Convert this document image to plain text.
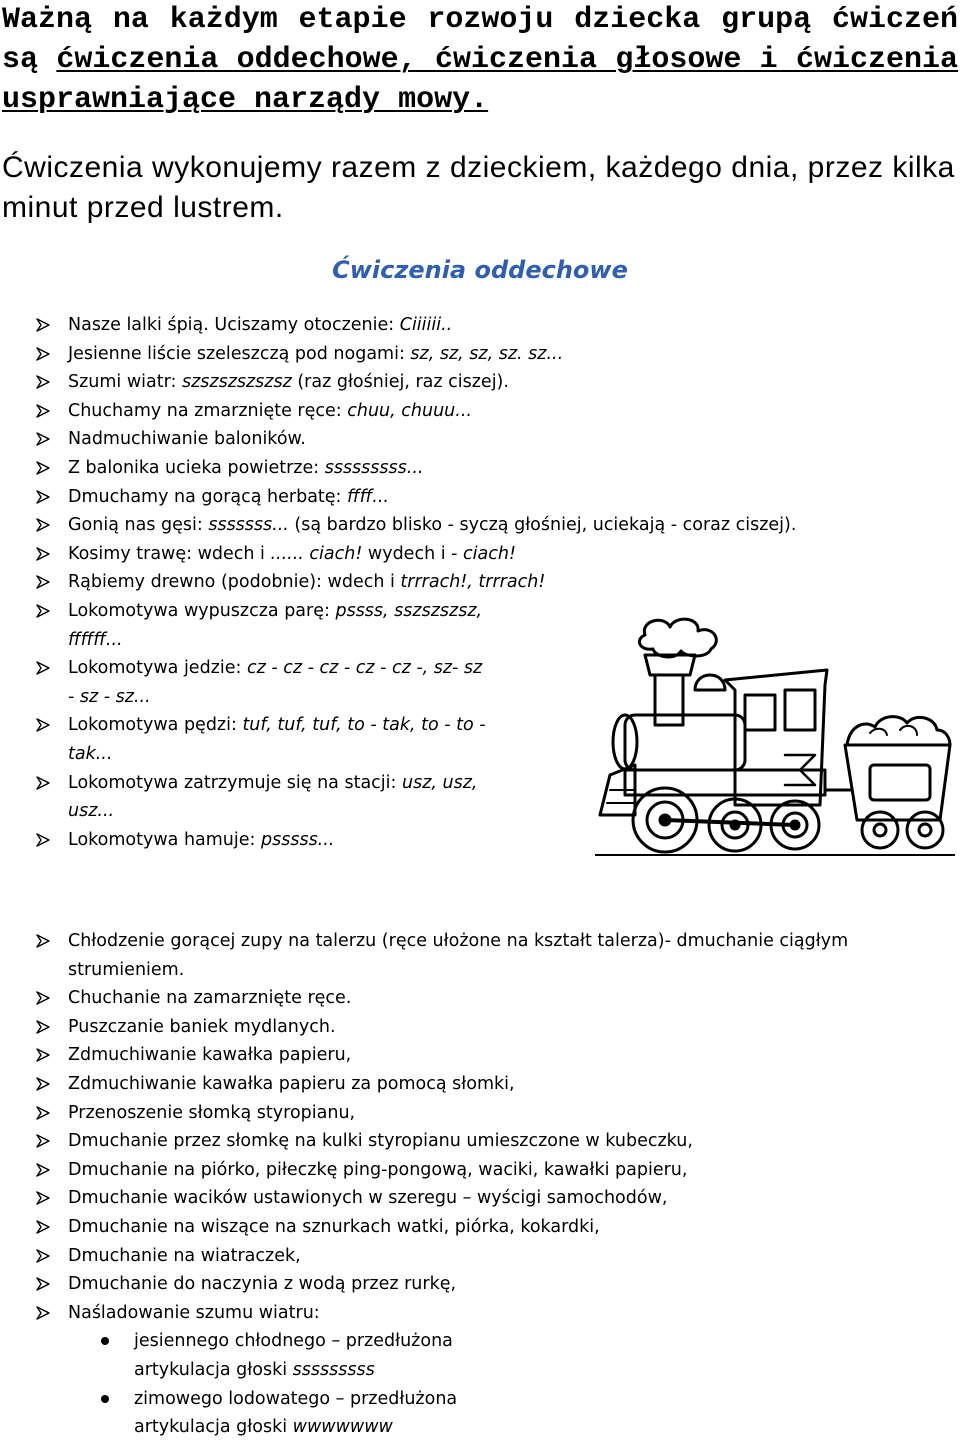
Ważną na każdym etapie rozwoju dziecka grupą ćwiczeń są ćwiczenia oddechowe, ćwiczenia głosowe i ćwiczenia usprawniające narządy mowy.

Ćwiczenia wykonujemy razem z dzieckiem, każdego dnia, przez kilka minut przed lustrem.

Ćwiczenia oddechowe
Nasze lalki śpią. Uciszamy otoczenie: Ciiiiii..
Jesienne liście szeleszczą pod nogami: sz, sz, sz, sz. sz...
Szumi wiatr: szszszszszsz (raz głośniej, raz ciszej).
Chuchamy na zmarznięte ręce: chuu, chuuu...
Nadmuchiwanie baloników.
Z balonika ucieka powietrze: sssssssss...
Dmuchamy na gorącą herbatę: ffff...
Gonią nas gęsi: sssssss... (są bardzo blisko - syczą głośniej, uciekają - coraz ciszej).
Kosimy trawę: wdech i ...... ciach! wydech i - ciach!
Rąbiemy drewno (podobnie): wdech i trrrach!, trrrach!
Lokomotywa wypuszcza parę: pssss, sszszszsz, ffffff...
Lokomotywa jedzie: cz - cz - cz - cz - cz -, sz- sz - sz - sz...
Lokomotywa pędzi: tuf, tuf, tuf, to - tak, to - to - tak...
Lokomotywa zatrzymuje się na stacji: usz, usz, usz...
Lokomotywa hamuje: psssss...
Chłodzenie gorącej zupy na talerzu (ręce ułożone na kształt talerza)- dmuchanie ciągłym strumieniem.
Chuchanie na zamarznięte ręce.
Puszczanie baniek mydlanych.
Zdmuchiwanie kawałka papieru,
Zdmuchiwanie kawałka papieru za pomocą słomki,
Przenoszenie słomką styropianu,
Dmuchanie przez słomkę na kulki styropianu umieszczone w kubeczku,
Dmuchanie na piórko, piłeczkę ping-pongową, waciki, kawałki papieru,
Dmuchanie wacików ustawionych w szeregu – wyścigi samochodów,
Dmuchanie na wiszące na sznurkach watki, piórka, kokardki,
Dmuchanie na wiatraczek,
Dmuchanie do naczynia z wodą przez rurkę,
Naśladowanie szumu wiatru:
jesiennego chłodnego – przedłużona artykulacja głoski sssssssss
zimowego lodowatego – przedłużona artykulacja głoski wwwwwww
